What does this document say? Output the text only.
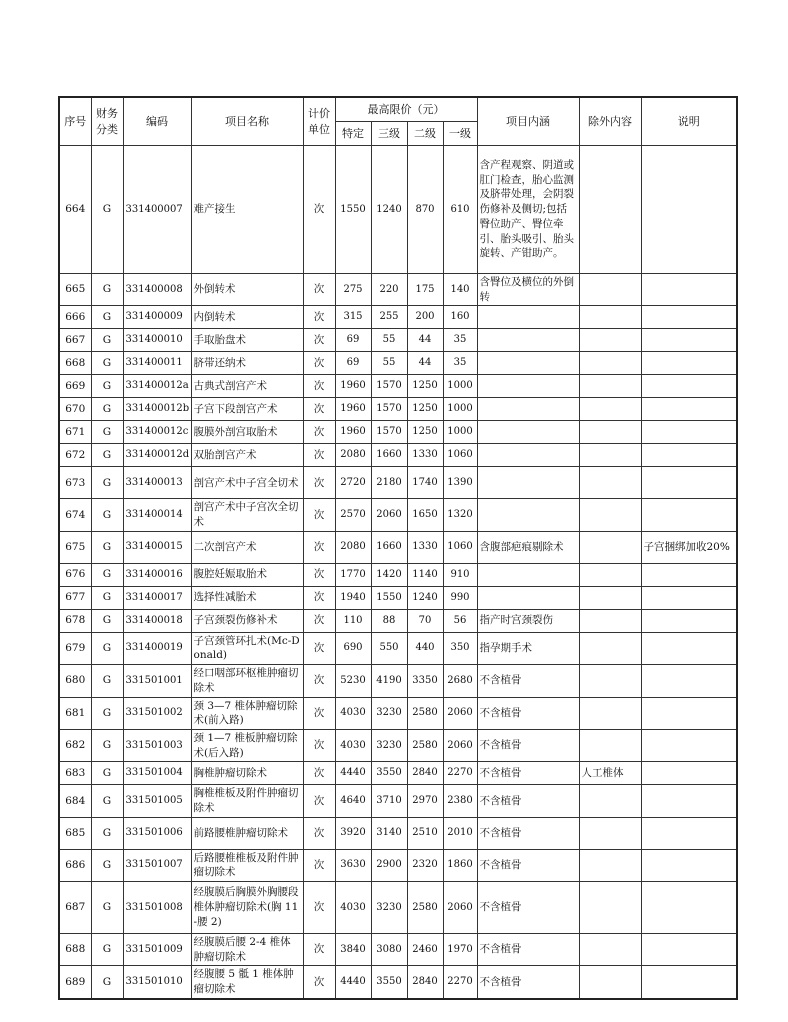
序号	财务分类	编码	项目名称	计价单位	最高限价（元）				项目内涵	除外内容	说明
					特定	三级	二级	一级			
664	G	331400007	难产接生	次	1550	1240	870	610	含产程观察、阴道或肛门检查，胎心监测及脐带处理，会阴裂伤修补及侧切;包括臀位助产、臀位牵引、胎头吸引、胎头旋转、产钳助产。		
665	G	331400008	外倒转术	次	275	220	175	140	含臀位及横位的外倒转		
666	G	331400009	内倒转术	次	315	255	200	160			
667	G	331400010	手取胎盘术	次	69	55	44	35			
668	G	331400011	脐带还纳术	次	69	55	44	35			
669	G	331400012a	古典式剖宫产术	次	1960	1570	1250	1000			
670	G	331400012b	子宫下段剖宫产术	次	1960	1570	1250	1000			
671	G	331400012c	腹膜外剖宫取胎术	次	1960	1570	1250	1000			
672	G	331400012d	双胎剖宫产术	次	2080	1660	1330	1060			
673	G	331400013	剖宫产术中子宫全切术	次	2720	2180	1740	1390			
674	G	331400014	剖宫产术中子宫次全切术	次	2570	2060	1650	1320			
675	G	331400015	二次剖宫产术	次	2080	1660	1330	1060	含腹部疤痕剔除术		子宫捆绑加收20%
676	G	331400016	腹腔妊娠取胎术	次	1770	1420	1140	910			
677	G	331400017	选择性减胎术	次	1940	1550	1240	990			
678	G	331400018	子宫颈裂伤修补术	次	110	88	70	56	指产时宫颈裂伤		
679	G	331400019	子宫颈管环扎术(Mc-Donald)	次	690	550	440	350	指孕期手术		
680	G	331501001	经口咽部环枢椎肿瘤切除术	次	5230	4190	3350	2680	不含植骨		
681	G	331501002	颈 3—7 椎体肿瘤切除术(前入路)	次	4030	3230	2580	2060	不含植骨		
682	G	331501003	颈 1—7 椎板肿瘤切除术(后入路)	次	4030	3230	2580	2060	不含植骨		
683	G	331501004	胸椎肿瘤切除术	次	4440	3550	2840	2270	不含植骨	人工椎体	
684	G	331501005	胸椎椎板及附件肿瘤切除术	次	4640	3710	2970	2380	不含植骨		
685	G	331501006	前路腰椎肿瘤切除术	次	3920	3140	2510	2010	不含植骨		
686	G	331501007	后路腰椎椎板及附件肿瘤切除术	次	3630	2900	2320	1860	不含植骨		
687	G	331501008	经腹膜后胸膜外胸腰段椎体肿瘤切除术(胸 11-腰 2)	次	4030	3230	2580	2060	不含植骨		
688	G	331501009	经腹膜后腰 2-4 椎体肿瘤切除术	次	3840	3080	2460	1970	不含植骨		
689	G	331501010	经腹腰 5 骶 1 椎体肿瘤切除术	次	4440	3550	2840	2270	不含植骨		
